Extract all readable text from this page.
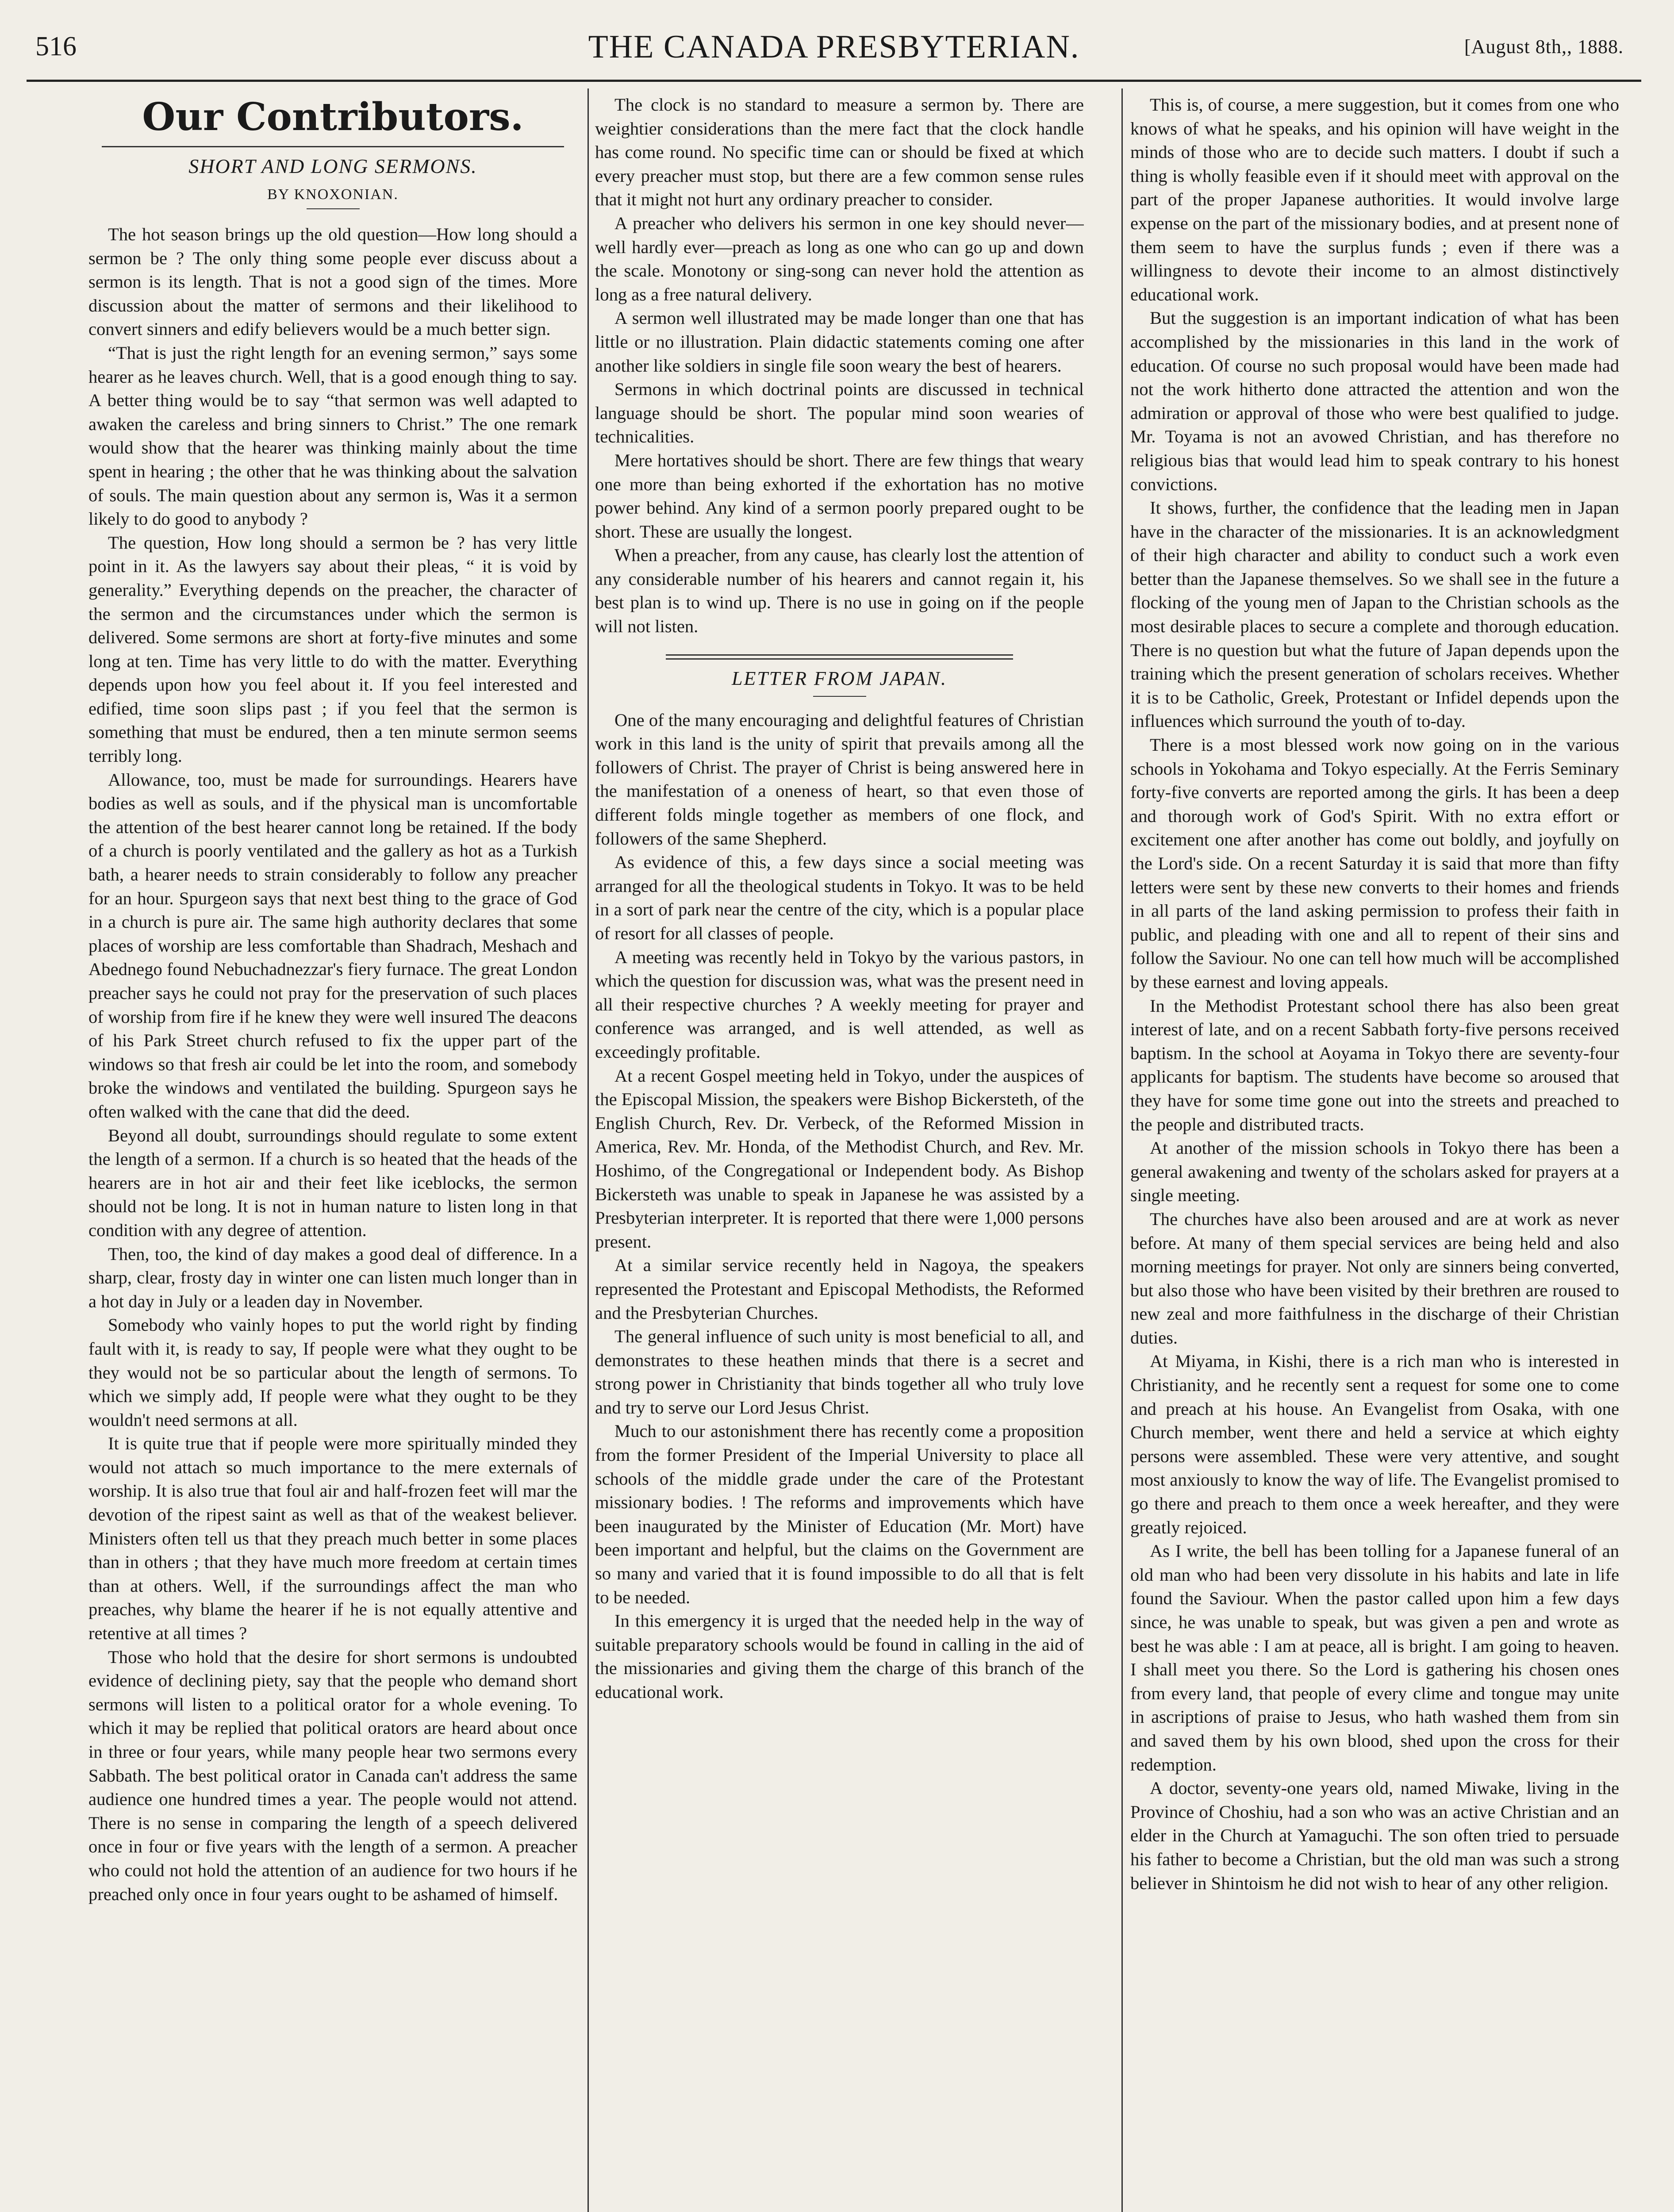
516	THE CANADA PRESBYTERIAN.	[August 8th,, 1888.
Our Contributors.
SHORT AND LONG SERMONS.
BY KNOXONIAN.

The hot season brings up the old question—How long should a sermon be ? The only thing some people ever discuss about a sermon is its length. That is not a good sign of the times. More discussion about the matter of sermons and their likelihood to convert sinners and edify believers would be a much better sign.

“That is just the right length for an evening sermon,” says some hearer as he leaves church. Well, that is a good enough thing to say. A better thing would be to say “that sermon was well adapted to awaken the careless and bring sinners to Christ.” The one remark would show that the hearer was thinking mainly about the time spent in hearing ; the other that he was thinking about the salvation of souls. The main question about any sermon is, Was it a sermon likely to do good to anybody ?

The question, How long should a sermon be ? has very little point in it. As the lawyers say about their pleas, “ it is void by generality.” Everything depends on the preacher, the character of the sermon and the circumstances under which the sermon is delivered. Some sermons are short at forty-five minutes and some long at ten. Time has very little to do with the matter. Everything depends upon how you feel about it. If you feel interested and edified, time soon slips past ; if you feel that the sermon is something that must be endured, then a ten minute sermon seems terribly long.

Allowance, too, must be made for surroundings. Hearers have bodies as well as souls, and if the physical man is uncomfortable the attention of the best hearer cannot long be retained. If the body of a church is poorly ventilated and the gallery as hot as a Turkish bath, a hearer needs to strain considerably to follow any preacher for an hour. Spurgeon says that next best thing to the grace of God in a church is pure air. The same high authority declares that some places of worship are less comfortable than Shadrach, Meshach and Abednego found Nebuchadnezzar's fiery furnace. The great London preacher says he could not pray for the preservation of such places of worship from fire if he knew they were well insured The deacons of his Park Street church refused to fix the upper part of the windows so that fresh air could be let into the room, and somebody broke the windows and ventilated the building. Spurgeon says he often walked with the cane that did the deed.

Beyond all doubt, surroundings should regulate to some extent the length of a sermon. If a church is so heated that the heads of the hearers are in hot air and their feet like iceblocks, the sermon should not be long. It is not in human nature to listen long in that condition with any degree of attention.

Then, too, the kind of day makes a good deal of difference. In a sharp, clear, frosty day in winter one can listen much longer than in a hot day in July or a leaden day in November.

Somebody who vainly hopes to put the world right by finding fault with it, is ready to say, If people were what they ought to be they would not be so particular about the length of sermons. To which we simply add, If people were what they ought to be they wouldn't need sermons at all.

It is quite true that if people were more spiritually minded they would not attach so much importance to the mere externals of worship. It is also true that foul air and half-frozen feet will mar the devotion of the ripest saint as well as that of the weakest believer. Ministers often tell us that they preach much better in some places than in others ; that they have much more freedom at certain times than at others. Well, if the surroundings affect the man who preaches, why blame the hearer if he is not equally attentive and retentive at all times ?

Those who hold that the desire for short sermons is undoubted evidence of declining piety, say that the people who demand short sermons will listen to a political orator for a whole evening. To which it may be replied that political orators are heard about once in three or four years, while many people hear two sermons every Sabbath. The best political orator in Canada can't address the same audience one hundred times a year. The people would not attend. There is no sense in comparing the length of a speech delivered once in four or five years with the length of a sermon. A preacher who could not hold the attention of an audience for two hours if he preached only once in four years ought to be ashamed of himself.

The clock is no standard to measure a sermon by. There are weightier considerations than the mere fact that the clock handle has come round. No specific time can or should be fixed at which every preacher must stop, but there are a few common sense rules that it might not hurt any ordinary preacher to consider.

A preacher who delivers his sermon in one key should never—well hardly ever—preach as long as one who can go up and down the scale. Monotony or sing-song can never hold the attention as long as a free natural delivery.

A sermon well illustrated may be made longer than one that has little or no illustration. Plain didactic statements coming one after another like soldiers in single file soon weary the best of hearers.

Sermons in which doctrinal points are discussed in technical language should be short. The popular mind soon wearies of technicalities.

Mere hortatives should be short. There are few things that weary one more than being exhorted if the exhortation has no motive power behind. Any kind of a sermon poorly prepared ought to be short. These are usually the longest.

When a preacher, from any cause, has clearly lost the attention of any considerable number of his hearers and cannot regain it, his best plan is to wind up. There is no use in going on if the people will not listen.

LETTER FROM JAPAN.

One of the many encouraging and delightful features of Christian work in this land is the unity of spirit that prevails among all the followers of Christ. The prayer of Christ is being answered here in the manifestation of a oneness of heart, so that even those of different folds mingle together as members of one flock, and followers of the same Shepherd.

As evidence of this, a few days since a social meeting was arranged for all the theological students in Tokyo. It was to be held in a sort of park near the centre of the city, which is a popular place of resort for all classes of people.

A meeting was recently held in Tokyo by the various pastors, in which the question for discussion was, what was the present need in all their respective churches ? A weekly meeting for prayer and conference was arranged, and is well attended, as well as exceedingly profitable.

At a recent Gospel meeting held in Tokyo, under the auspices of the Episcopal Mission, the speakers were Bishop Bickersteth, of the English Church, Rev. Dr. Verbeck, of the Reformed Mission in America, Rev. Mr. Honda, of the Methodist Church, and Rev. Mr. Hoshimo, of the Congregational or Independent body. As Bishop Bickersteth was unable to speak in Japanese he was assisted by a Presbyterian interpreter. It is reported that there were 1,000 persons present.

At a similar service recently held in Nagoya, the speakers represented the Protestant and Episcopal Methodists, the Reformed and the Presbyterian Churches.

The general influence of such unity is most beneficial to all, and demonstrates to these heathen minds that there is a secret and strong power in Christianity that binds together all who truly love and try to serve our Lord Jesus Christ.

Much to our astonishment there has recently come a proposition from the former President of the Imperial University to place all schools of the middle grade under the care of the Protestant missionary bodies. ! The reforms and improvements which have been inaugurated by the Minister of Education (Mr. Mort) have been important and helpful, but the claims on the Government are so many and varied that it is found impossible to do all that is felt to be needed.

In this emergency it is urged that the needed help in the way of suitable preparatory schools would be found in calling in the aid of the missionaries and giving them the charge of this branch of the educational work.

This is, of course, a mere suggestion, but it comes from one who knows of what he speaks, and his opinion will have weight in the minds of those who are to decide such matters. I doubt if such a thing is wholly feasible even if it should meet with approval on the part of the proper Japanese authorities. It would involve large expense on the part of the missionary bodies, and at present none of them seem to have the surplus funds ; even if there was a willingness to devote their income to an almost distinctively educational work.

But the suggestion is an important indication of what has been accomplished by the missionaries in this land in the work of education. Of course no such proposal would have been made had not the work hitherto done attracted the attention and won the admiration or approval of those who were best qualified to judge. Mr. Toyama is not an avowed Christian, and has therefore no religious bias that would lead him to speak contrary to his honest convictions.

It shows, further, the confidence that the leading men in Japan have in the character of the missionaries. It is an acknowledgment of their high character and ability to conduct such a work even better than the Japanese themselves. So we shall see in the future a flocking of the young men of Japan to the Christian schools as the most desirable places to secure a complete and thorough education. There is no question but what the future of Japan depends upon the training which the present generation of scholars receives. Whether it is to be Catholic, Greek, Protestant or Infidel depends upon the influences which surround the youth of to-day.

There is a most blessed work now going on in the various schools in Yokohama and Tokyo especially. At the Ferris Seminary forty-five converts are reported among the girls. It has been a deep and thorough work of God's Spirit. With no extra effort or excitement one after another has come out boldly, and joyfully on the Lord's side. On a recent Saturday it is said that more than fifty letters were sent by these new converts to their homes and friends in all parts of the land asking permission to profess their faith in public, and pleading with one and all to repent of their sins and follow the Saviour. No one can tell how much will be accomplished by these earnest and loving appeals.

In the Methodist Protestant school there has also been great interest of late, and on a recent Sabbath forty-five persons received baptism. In the school at Aoyama in Tokyo there are seventy-four applicants for baptism. The students have become so aroused that they have for some time gone out into the streets and preached to the people and distributed tracts.

At another of the mission schools in Tokyo there has been a general awakening and twenty of the scholars asked for prayers at a single meeting.

The churches have also been aroused and are at work as never before. At many of them special services are being held and also morning meetings for prayer. Not only are sinners being converted, but also those who have been visited by their brethren are roused to new zeal and more faithfulness in the discharge of their Christian duties.

At Miyama, in Kishi, there is a rich man who is interested in Christianity, and he recently sent a request for some one to come and preach at his house. An Evangelist from Osaka, with one Church member, went there and held a service at which eighty persons were assembled. These were very attentive, and sought most anxiously to know the way of life. The Evangelist promised to go there and preach to them once a week hereafter, and they were greatly rejoiced.

As I write, the bell has been tolling for a Japanese funeral of an old man who had been very dissolute in his habits and late in life found the Saviour. When the pastor called upon him a few days since, he was unable to speak, but was given a pen and wrote as best he was able : I am at peace, all is bright. I am going to heaven. I shall meet you there. So the Lord is gathering his chosen ones from every land, that people of every clime and tongue may unite in ascriptions of praise to Jesus, who hath washed them from sin and saved them by his own blood, shed upon the cross for their redemption.

A doctor, seventy-one years old, named Miwake, living in the Province of Choshiu, had a son who was an active Christian and an elder in the Church at Yamaguchi. The son often tried to persuade his father to become a Christian, but the old man was such a strong believer in Shintoism he did not wish to hear of any other religion.
